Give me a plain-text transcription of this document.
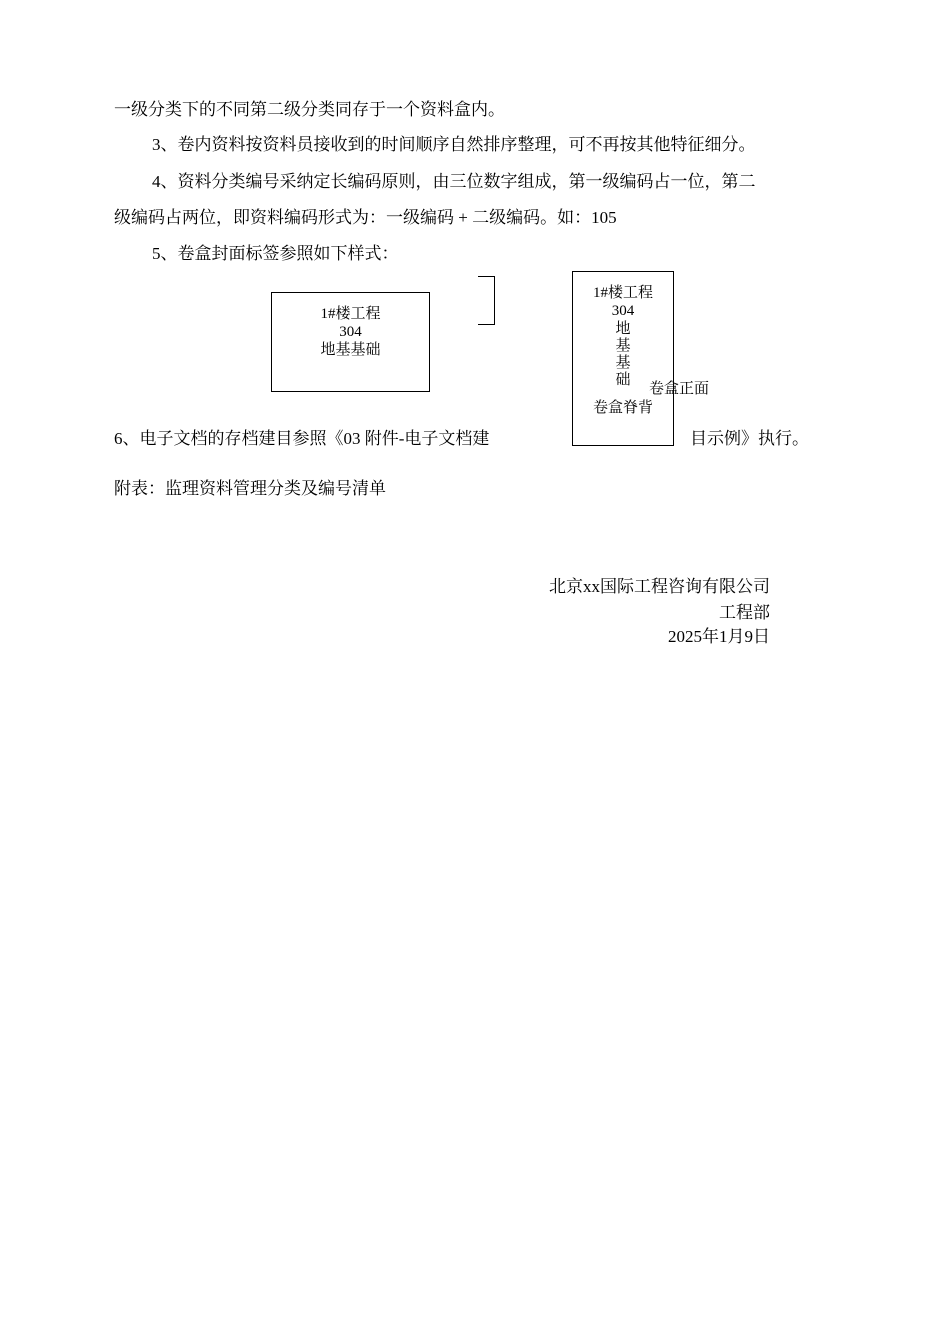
一级分类下的不同第二级分类同存于一个资料盒内。
3、卷内资料按资料员接收到的时间顺序自然排序整理，可不再按其他特征细分。
4、资料分类编号采纳定长编码原则，由三位数字组成，第一级编码占一位，第二
级编码占两位，即资料编码形式为：一级编码 + 二级编码。如：105
5、卷盒封面标签参照如下样式：
1#楼工程
304
地基基础
1#楼工程
304
地
基
基
础
卷盒脊背
卷盒正面
6、电子文档的存档建目参照《03 附件-电子文档建	目示例》执行。
附表：监理资料管理分类及编号清单
北京xx国际工程咨询有限公司
工程部
2025年1月9日
